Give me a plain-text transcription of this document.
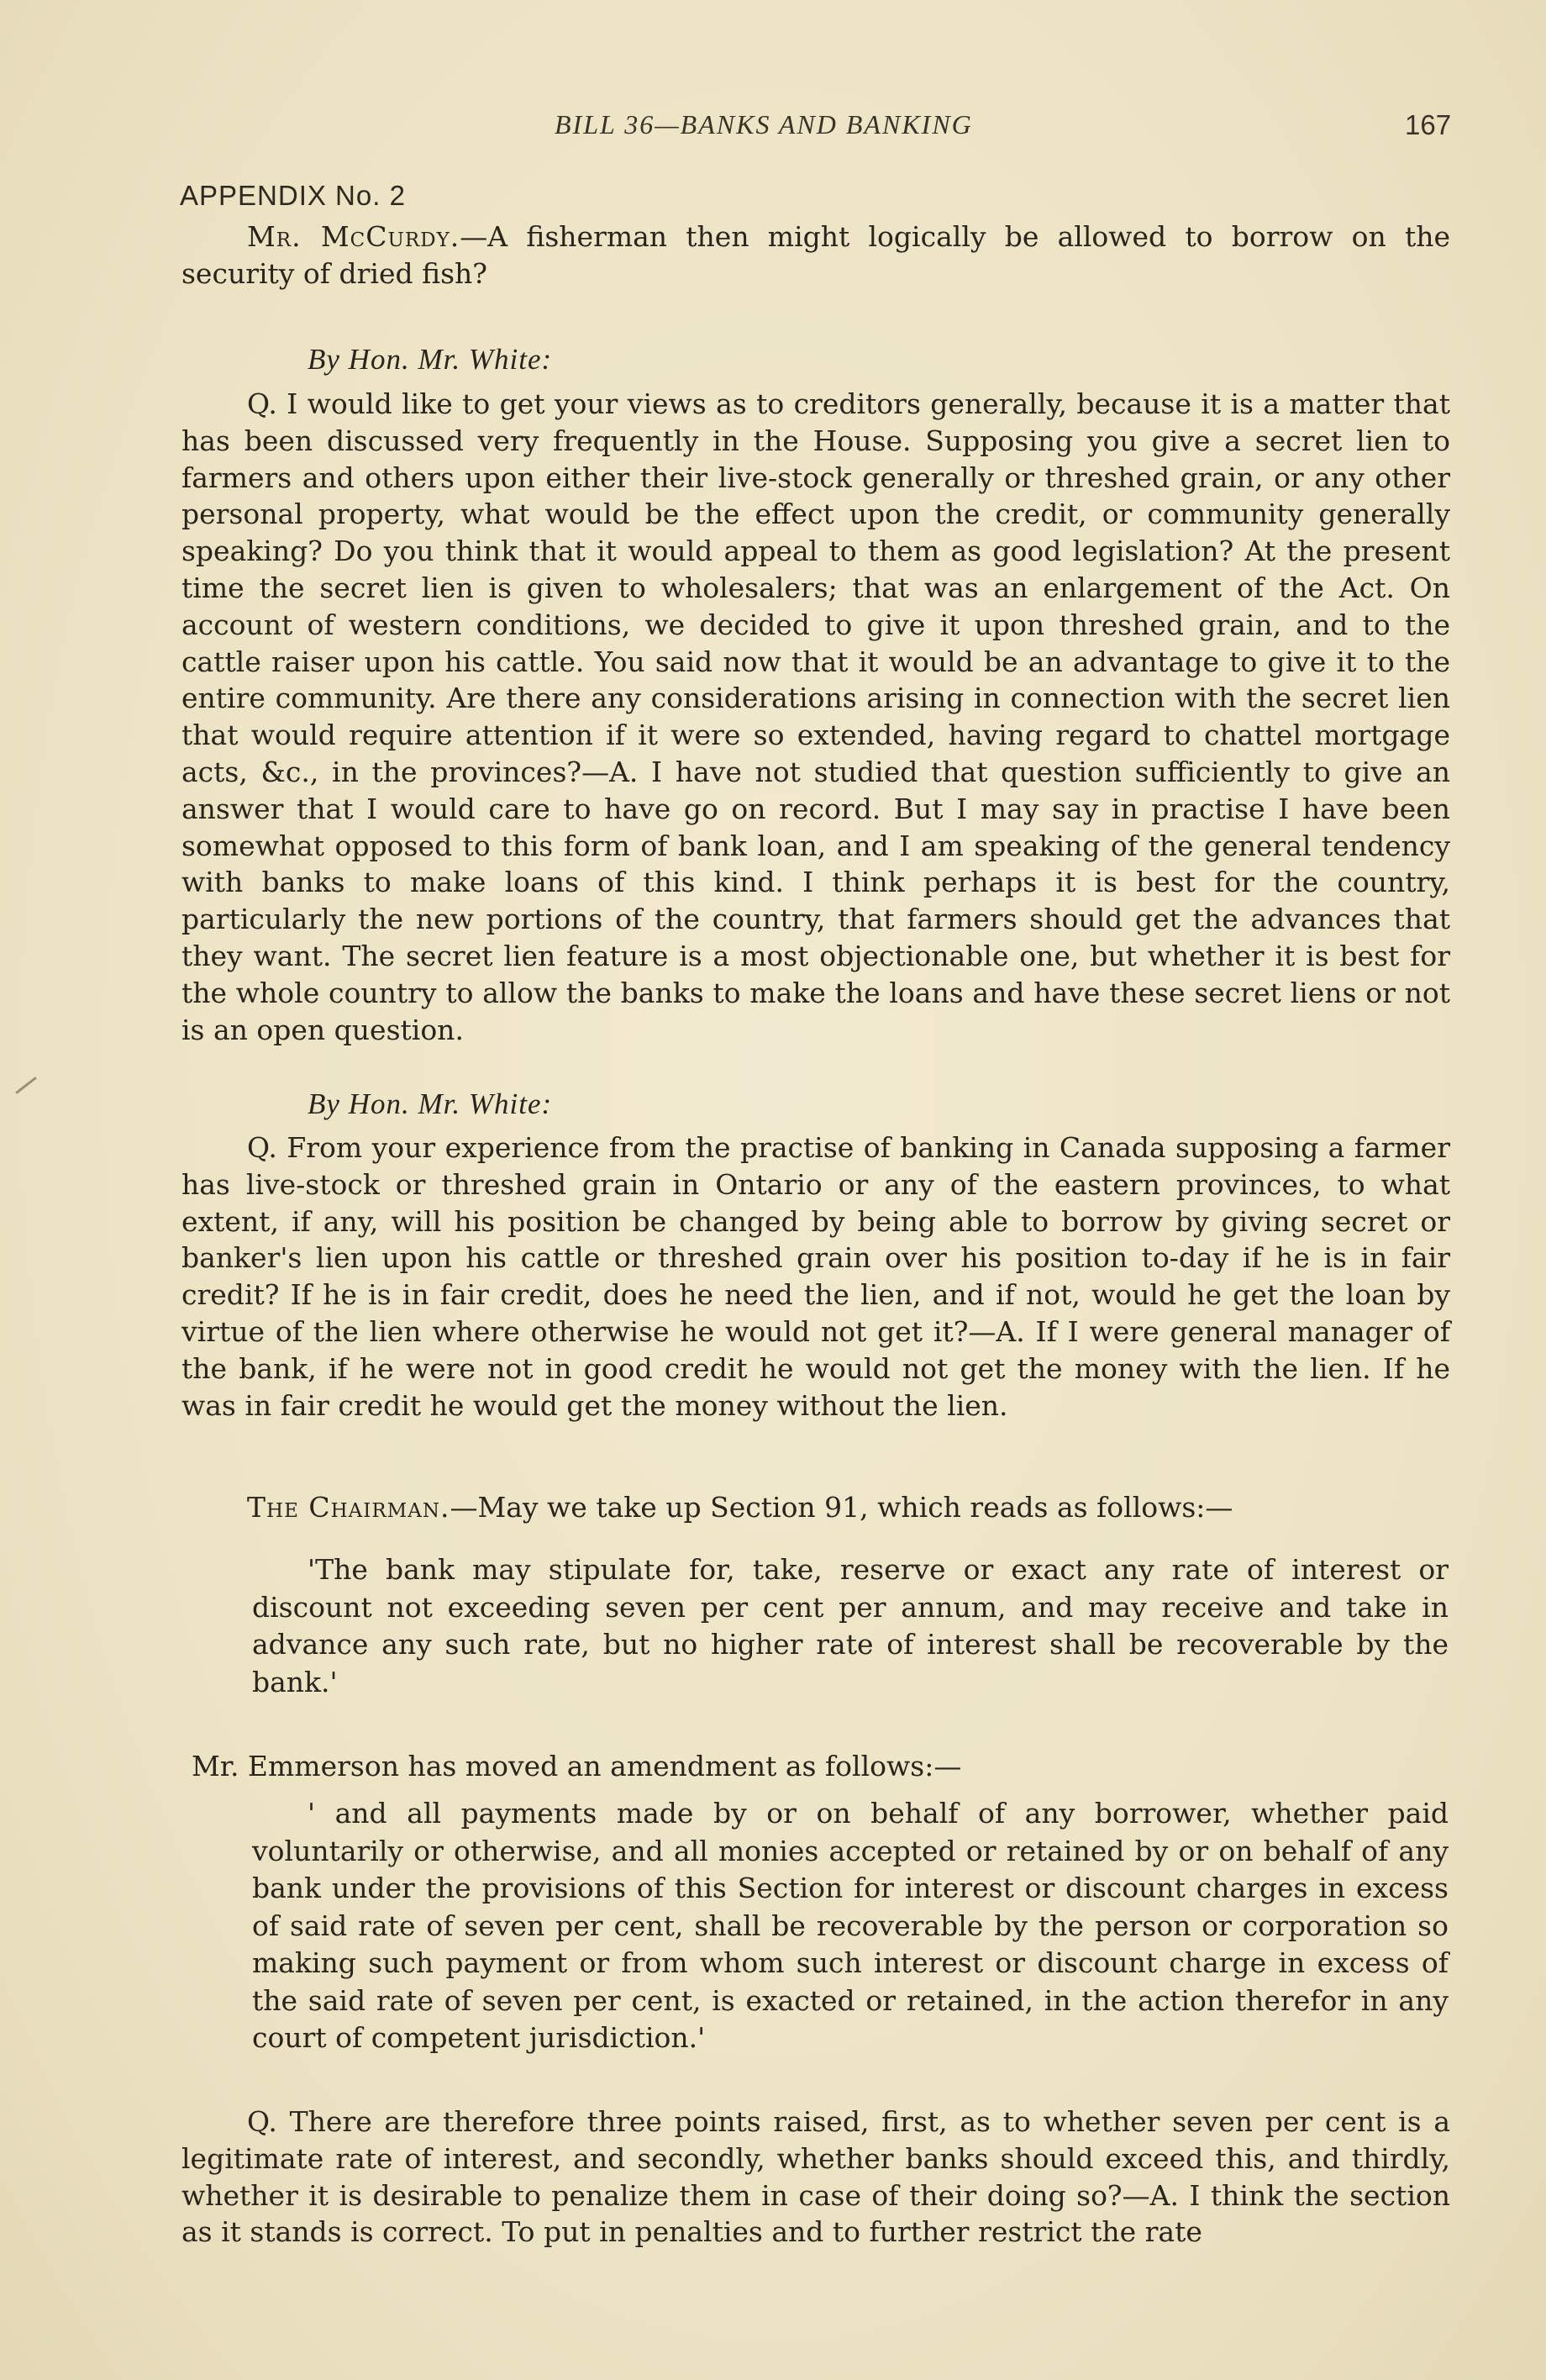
BILL 36—BANKS AND BANKING	167
APPENDIX No. 2

Mr. McCurdy.—A fisherman then might logically be allowed to borrow on the security of dried fish?

By Hon. Mr. White:

Q. I would like to get your views as to creditors generally, because it is a matter that has been discussed very frequently in the House. Supposing you give a secret lien to farmers and others upon either their live-stock generally or threshed grain, or any other personal property, what would be the effect upon the credit, or community generally speaking? Do you think that it would appeal to them as good legislation? At the present time the secret lien is given to wholesalers; that was an enlargement of the Act. On account of western conditions, we decided to give it upon threshed grain, and to the cattle raiser upon his cattle. You said now that it would be an advantage to give it to the entire community. Are there any considerations arising in connection with the secret lien that would require attention if it were so extended, having regard to chattel mortgage acts, &c., in the provinces?—A. I have not studied that question sufficiently to give an answer that I would care to have go on record. But I may say in practise I have been somewhat opposed to this form of bank loan, and I am speaking of the general tendency with banks to make loans of this kind. I think perhaps it is best for the country, particularly the new portions of the country, that farmers should get the advances that they want. The secret lien feature is a most objectionable one, but whether it is best for the whole country to allow the banks to make the loans and have these secret liens or not is an open question.

By Hon. Mr. White:

Q. From your experience from the practise of banking in Canada supposing a farmer has live-stock or threshed grain in Ontario or any of the eastern provinces, to what extent, if any, will his position be changed by being able to borrow by giving secret or banker's lien upon his cattle or threshed grain over his position to-day if he is in fair credit? If he is in fair credit, does he need the lien, and if not, would he get the loan by virtue of the lien where otherwise he would not get it?—A. If I were general manager of the bank, if he were not in good credit he would not get the money with the lien. If he was in fair credit he would get the money without the lien.

The Chairman.—May we take up Section 91, which reads as follows:—

'The bank may stipulate for, take, reserve or exact any rate of interest or discount not exceeding seven per cent per annum, and may receive and take in advance any such rate, but no higher rate of interest shall be recoverable by the bank.'

Mr. Emmerson has moved an amendment as follows:—

' and all payments made by or on behalf of any borrower, whether paid voluntarily or otherwise, and all monies accepted or retained by or on behalf of any bank under the provisions of this Section for interest or discount charges in excess of said rate of seven per cent, shall be recoverable by the person or corporation so making such payment or from whom such interest or discount charge in excess of the said rate of seven per cent, is exacted or retained, in the action therefor in any court of competent jurisdiction.'

Q. There are therefore three points raised, first, as to whether seven per cent is a legitimate rate of interest, and secondly, whether banks should exceed this, and thirdly, whether it is desirable to penalize them in case of their doing so?—A. I think the section as it stands is correct. To put in penalties and to further restrict the rate
